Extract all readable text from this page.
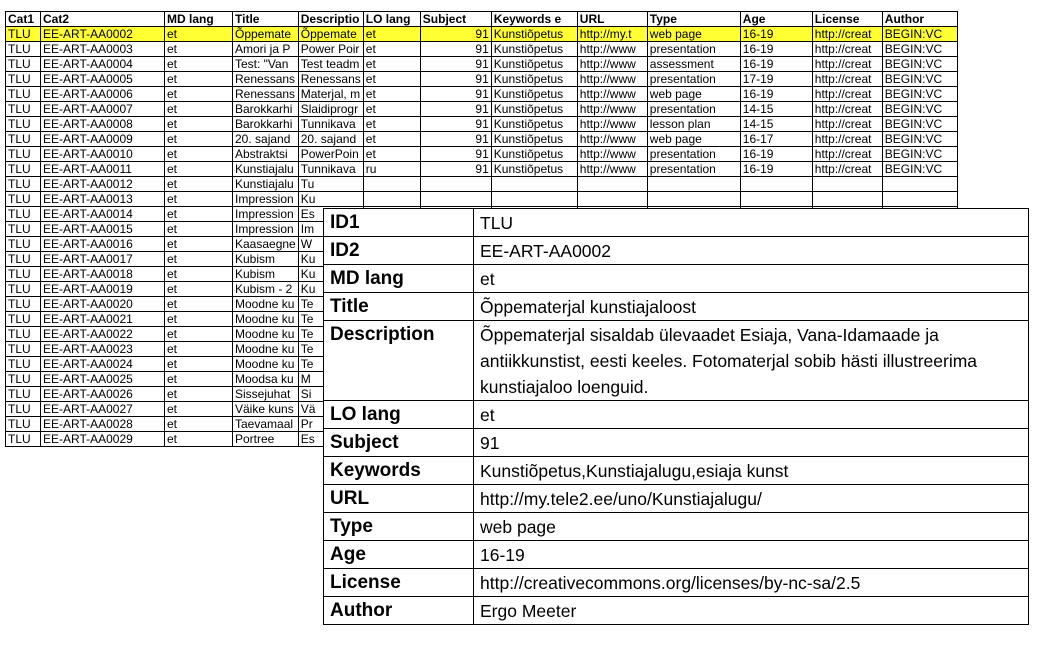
Cat1	Cat2	MD lang	Title	Descriptio	LO lang	Subject	Keywords e	URL	Type	Age	License	Author
TLU	EE-ART-AA0002	et	Õppemate	Õppemate	et	91	Kunstiõpetus	http://my.t	web page	16-19	http://creat	BEGIN:VC
TLU	EE-ART-AA0003	et	Amori ja P	Power Poir	et	91	Kunstiõpetus	http://www	presentation	16-19	http://creat	BEGIN:VC
TLU	EE-ART-AA0004	et	Test: "Van	Test teadm	et	91	Kunstiõpetus	http://www	assessment	16-19	http://creat	BEGIN:VC
TLU	EE-ART-AA0005	et	Renessans	Renessans	et	91	Kunstiõpetus	http://www	presentation	17-19	http://creat	BEGIN:VC
TLU	EE-ART-AA0006	et	Renessans	Materjal, m	et	91	Kunstiõpetus	http://www	web page	16-19	http://creat	BEGIN:VC
TLU	EE-ART-AA0007	et	Barokkarhi	Slaidiprogr	et	91	Kunstiõpetus	http://www	presentation	14-15	http://creat	BEGIN:VC
TLU	EE-ART-AA0008	et	Barokkarhi	Tunnikava	et	91	Kunstiõpetus	http://www	lesson plan	14-15	http://creat	BEGIN:VC
TLU	EE-ART-AA0009	et	20. sajand	20. sajand	et	91	Kunstiõpetus	http://www	web page	16-17	http://creat	BEGIN:VC
TLU	EE-ART-AA0010	et	Abstraktsi	PowerPoin	et	91	Kunstiõpetus	http://www	presentation	16-19	http://creat	BEGIN:VC
TLU	EE-ART-AA0011	et	Kunstiajalu	Tunnikava	ru	91	Kunstiõpetus	http://www	presentation	16-19	http://creat	BEGIN:VC
TLU	EE-ART-AA0012	et	Kunstiajalu	Tu								
TLU	EE-ART-AA0013	et	Impression	Ku								
TLU	EE-ART-AA0014	et	Impression	Es								
TLU	EE-ART-AA0015	et	Impression	Im								
TLU	EE-ART-AA0016	et	Kaasaegne	W								
TLU	EE-ART-AA0017	et	Kubism	Ku								
TLU	EE-ART-AA0018	et	Kubism	Ku								
TLU	EE-ART-AA0019	et	Kubism - 2	Ku								
TLU	EE-ART-AA0020	et	Moodne ku	Te								
TLU	EE-ART-AA0021	et	Moodne ku	Te								
TLU	EE-ART-AA0022	et	Moodne ku	Te								
TLU	EE-ART-AA0023	et	Moodne ku	Te								
TLU	EE-ART-AA0024	et	Moodne ku	Te								
TLU	EE-ART-AA0025	et	Moodsa ku	M								
TLU	EE-ART-AA0026	et	Sissejuhat	Si								
TLU	EE-ART-AA0027	et	Väike kuns	Vä								
TLU	EE-ART-AA0028	et	Taevamaal	Pr								
TLU	EE-ART-AA0029	et	Portree	Es								
ID1	TLU
ID2	EE-ART-AA0002
MD lang	et
Title	Õppematerjal kunstiajaloost
Description	Õppematerjal sisaldab ülevaadet Esiaja, Vana-Idamaade ja antiikkunstist, eesti keeles. Fotomaterjal sobib hästi illustreerima kunstiajaloo loenguid.
LO lang	et
Subject	91
Keywords	Kunstiõpetus,Kunstiajalugu,esiaja kunst
URL	http://my.tele2.ee/uno/Kunstiajalugu/
Type	web page
Age	16-19
License	http://creativecommons.org/licenses/by-nc-sa/2.5
Author	Ergo Meeter
